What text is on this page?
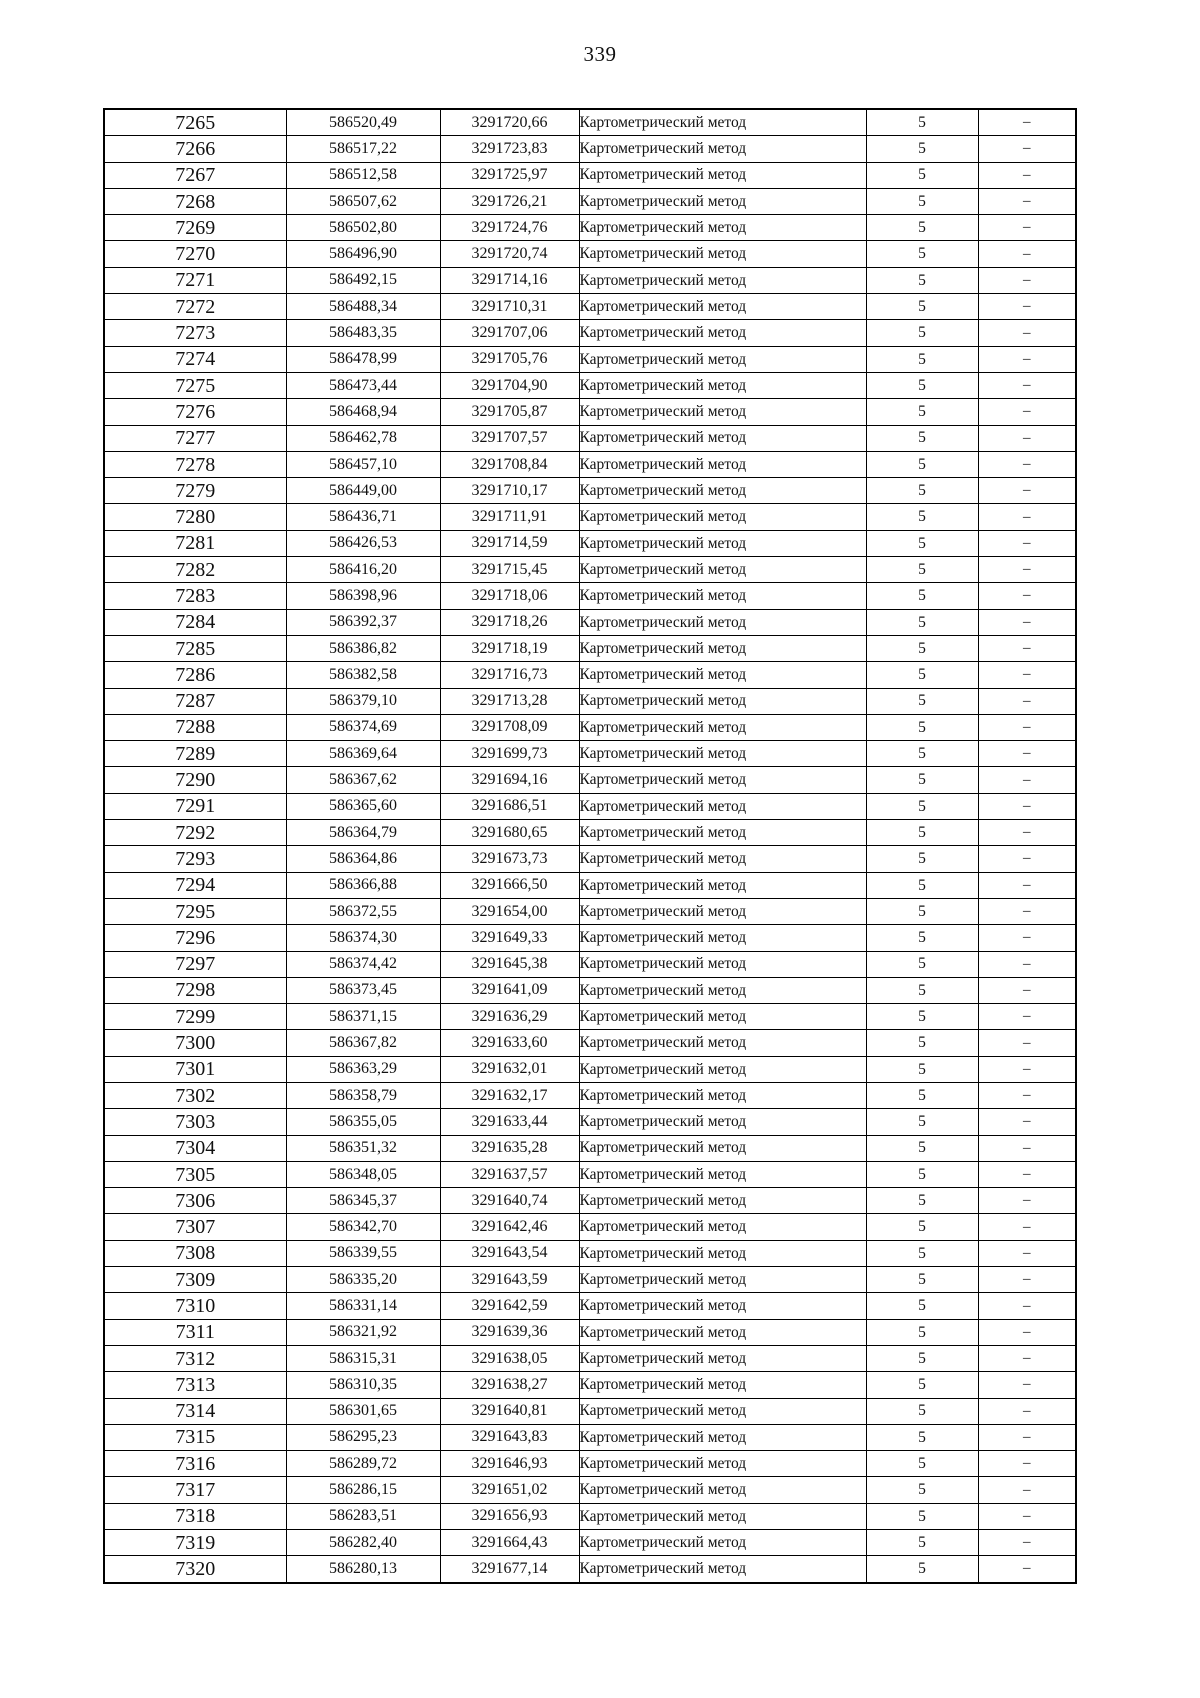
339
7265	586520,49	3291720,66	Картометрический метод	5	–
7266	586517,22	3291723,83	Картометрический метод	5	–
7267	586512,58	3291725,97	Картометрический метод	5	–
7268	586507,62	3291726,21	Картометрический метод	5	–
7269	586502,80	3291724,76	Картометрический метод	5	–
7270	586496,90	3291720,74	Картометрический метод	5	–
7271	586492,15	3291714,16	Картометрический метод	5	–
7272	586488,34	3291710,31	Картометрический метод	5	–
7273	586483,35	3291707,06	Картометрический метод	5	–
7274	586478,99	3291705,76	Картометрический метод	5	–
7275	586473,44	3291704,90	Картометрический метод	5	–
7276	586468,94	3291705,87	Картометрический метод	5	–
7277	586462,78	3291707,57	Картометрический метод	5	–
7278	586457,10	3291708,84	Картометрический метод	5	–
7279	586449,00	3291710,17	Картометрический метод	5	–
7280	586436,71	3291711,91	Картометрический метод	5	–
7281	586426,53	3291714,59	Картометрический метод	5	–
7282	586416,20	3291715,45	Картометрический метод	5	–
7283	586398,96	3291718,06	Картометрический метод	5	–
7284	586392,37	3291718,26	Картометрический метод	5	–
7285	586386,82	3291718,19	Картометрический метод	5	–
7286	586382,58	3291716,73	Картометрический метод	5	–
7287	586379,10	3291713,28	Картометрический метод	5	–
7288	586374,69	3291708,09	Картометрический метод	5	–
7289	586369,64	3291699,73	Картометрический метод	5	–
7290	586367,62	3291694,16	Картометрический метод	5	–
7291	586365,60	3291686,51	Картометрический метод	5	–
7292	586364,79	3291680,65	Картометрический метод	5	–
7293	586364,86	3291673,73	Картометрический метод	5	–
7294	586366,88	3291666,50	Картометрический метод	5	–
7295	586372,55	3291654,00	Картометрический метод	5	–
7296	586374,30	3291649,33	Картометрический метод	5	–
7297	586374,42	3291645,38	Картометрический метод	5	–
7298	586373,45	3291641,09	Картометрический метод	5	–
7299	586371,15	3291636,29	Картометрический метод	5	–
7300	586367,82	3291633,60	Картометрический метод	5	–
7301	586363,29	3291632,01	Картометрический метод	5	–
7302	586358,79	3291632,17	Картометрический метод	5	–
7303	586355,05	3291633,44	Картометрический метод	5	–
7304	586351,32	3291635,28	Картометрический метод	5	–
7305	586348,05	3291637,57	Картометрический метод	5	–
7306	586345,37	3291640,74	Картометрический метод	5	–
7307	586342,70	3291642,46	Картометрический метод	5	–
7308	586339,55	3291643,54	Картометрический метод	5	–
7309	586335,20	3291643,59	Картометрический метод	5	–
7310	586331,14	3291642,59	Картометрический метод	5	–
7311	586321,92	3291639,36	Картометрический метод	5	–
7312	586315,31	3291638,05	Картометрический метод	5	–
7313	586310,35	3291638,27	Картометрический метод	5	–
7314	586301,65	3291640,81	Картометрический метод	5	–
7315	586295,23	3291643,83	Картометрический метод	5	–
7316	586289,72	3291646,93	Картометрический метод	5	–
7317	586286,15	3291651,02	Картометрический метод	5	–
7318	586283,51	3291656,93	Картометрический метод	5	–
7319	586282,40	3291664,43	Картометрический метод	5	–
7320	586280,13	3291677,14	Картометрический метод	5	–
